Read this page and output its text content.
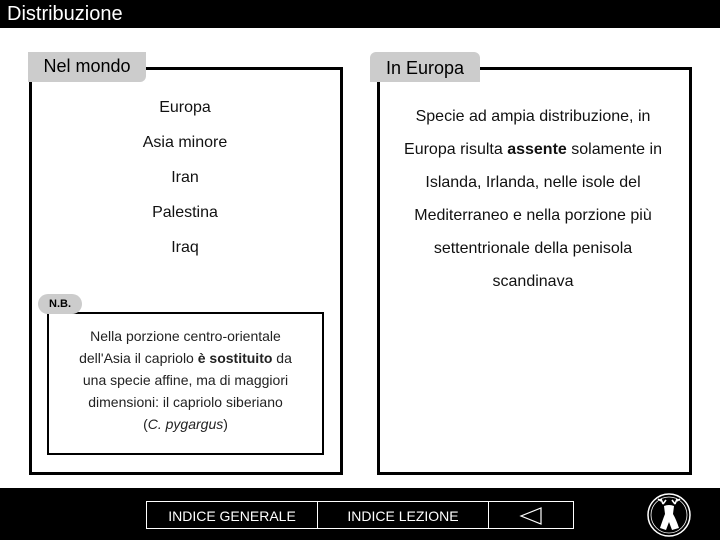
Distribuzione
Nel mondo
Europa
Asia minore
Iran
Palestina
Iraq
In Europa
Specie ad ampia distribuzione, in
Europa risulta assente solamente in
Islanda, Irlanda, nelle isole del
Mediterraneo e nella porzione più
settentrionale della penisola
scandinava
N.B.
Nella porzione centro-orientale
dell'Asia il capriolo è sostituito da
una specie affine, ma di maggiori
dimensioni: il capriolo siberiano
(C. pygargus)
INDICE GENERALE	INDICE LEZIONE
